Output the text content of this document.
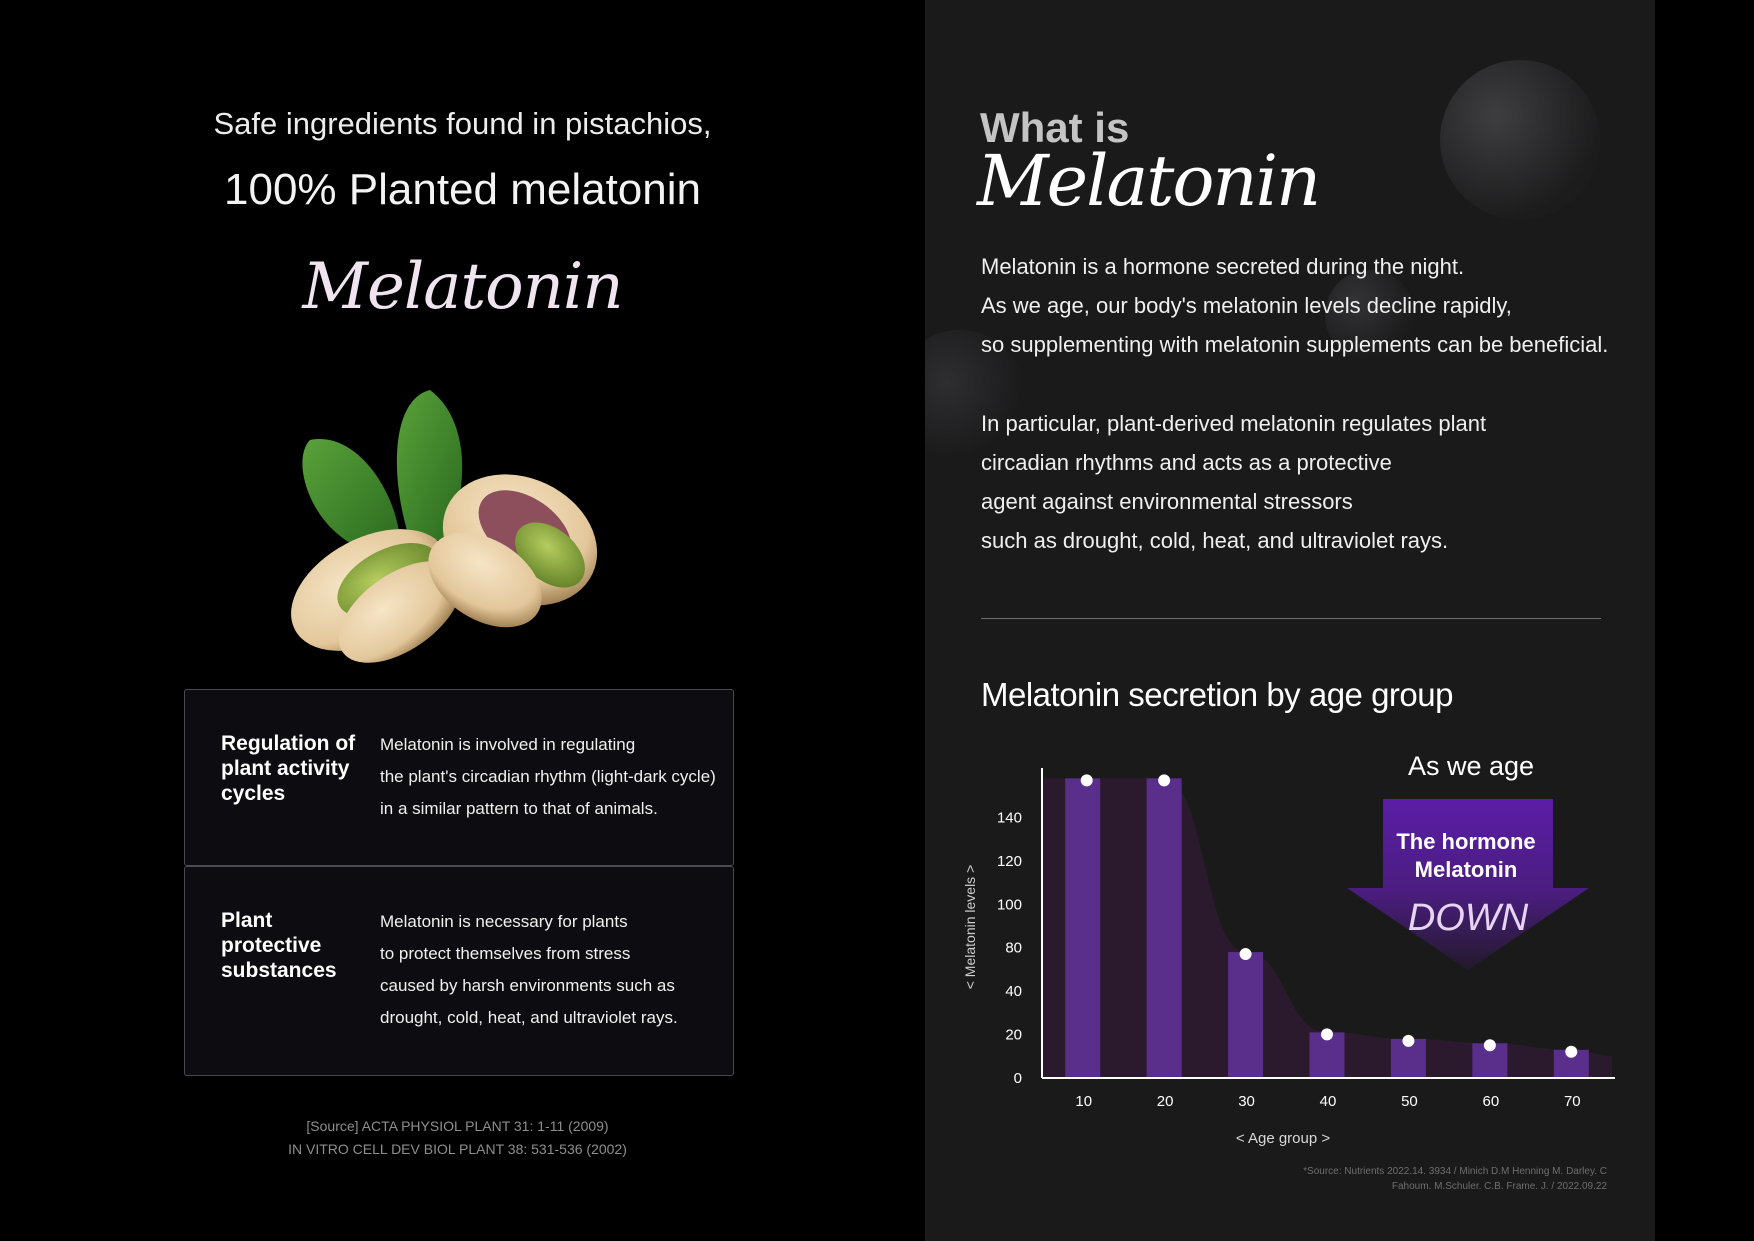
Safe ingredients found in pistachios,
100% Planted melatonin
Melatonin
Regulation of
plant activity
cycles
Melatonin is involved in regulating
the plant's circadian rhythm (light-dark cycle)
in a similar pattern to that of animals.
Plant
protective
substances
Melatonin is necessary for plants
to protect themselves from stress
caused by harsh environments such as
drought, cold, heat, and ultraviolet rays.
[Source] ACTA PHYSIOL PLANT 31: 1-11 (2009)
IN VITRO CELL DEV BIOL PLANT 38: 531-536 (2002)
What is
Melatonin
Melatonin is a hormone secreted during the night.
As we age, our body's melatonin levels decline rapidly,
so supplementing with melatonin supplements can be beneficial.
In particular, plant-derived melatonin regulates plant
circadian rhythms and acts as a protective
agent against environmental stressors
such as drought, cold, heat, and ultraviolet rays.
Melatonin secretion by age group
0
20
40
80
100
120
140
10	20	30	40	50	60	70
< Melatonin levels >
< Age group >
As we age
The hormone
Melatonin
DOWN
*Source: Nutrients 2022.14. 3934 / Minich D.M Henning M. Darley. C
Fahoum. M.Schuler. C.B. Frame. J. / 2022.09.22
